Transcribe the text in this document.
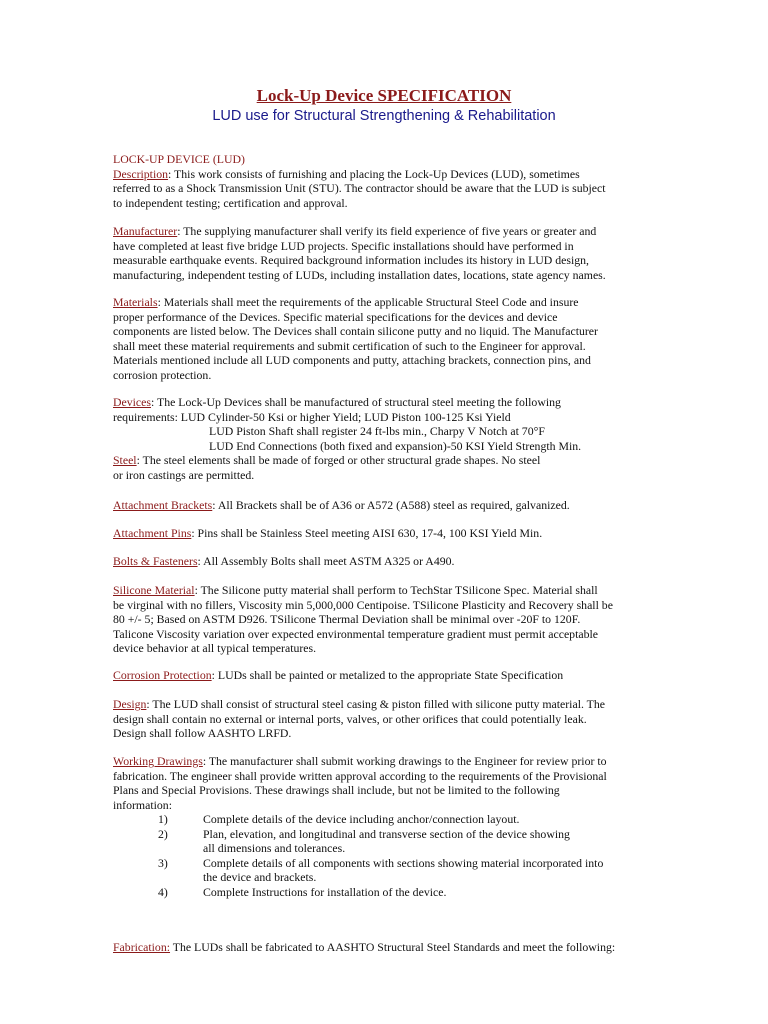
Lock-Up Device SPECIFICATION
LUD use for Structural Strengthening & Rehabilitation
LOCK-UP DEVICE (LUD)
Description: This work consists of furnishing and placing the Lock-Up Devices (LUD), sometimes
referred to as a Shock Transmission Unit (STU). The contractor should be aware that the LUD is subject
to independent testing; certification and approval.
Manufacturer: The supplying manufacturer shall verify its field experience of five years or greater and
have completed at least five bridge LUD projects. Specific installations should have performed in
measurable earthquake events. Required background information includes its history in LUD design,
manufacturing, independent testing of LUDs, including installation dates, locations, state agency names.
Materials: Materials shall meet the requirements of the applicable Structural Steel Code and insure
proper performance of the Devices. Specific material specifications for the devices and device
components are listed below. The Devices shall contain silicone putty and no liquid. The Manufacturer
shall meet these material requirements and submit certification of such to the Engineer for approval.
Materials mentioned include all LUD components and putty, attaching brackets, connection pins, and
corrosion protection.
Devices: The Lock-Up Devices shall be manufactured of structural steel meeting the following
requirements: LUD Cylinder-50 Ksi or higher Yield; LUD Piston 100-125 Ksi Yield
LUD Piston Shaft shall register 24 ft-lbs min., Charpy V Notch at 70°F
LUD End Connections (both fixed and expansion)-50 KSI Yield Strength Min.
Steel: The steel elements shall be made of forged or other structural grade shapes. No steel
or iron castings are permitted.
Attachment Brackets: All Brackets shall be of A36 or A572 (A588) steel as required, galvanized.
Attachment Pins: Pins shall be Stainless Steel meeting AISI 630, 17-4, 100 KSI Yield Min.
Bolts & Fasteners: All Assembly Bolts shall meet ASTM A325 or A490.
Silicone Material: The Silicone putty material shall perform to TechStar TSilicone Spec. Material shall
be virginal with no fillers, Viscosity min 5,000,000 Centipoise. TSilicone Plasticity and Recovery shall be
80 +/- 5; Based on ASTM D926. TSilicone Thermal Deviation shall be minimal over -20F to 120F.
Talicone Viscosity variation over expected environmental temperature gradient must permit acceptable
device behavior at all typical temperatures.
Corrosion Protection: LUDs shall be painted or metalized to the appropriate State Specification
Design: The LUD shall consist of structural steel casing & piston filled with silicone putty material. The
design shall contain no external or internal ports, valves, or other orifices that could potentially leak.
Design shall follow AASHTO LRFD.
Working Drawings: The manufacturer shall submit working drawings to the Engineer for review prior to
fabrication. The engineer shall provide written approval according to the requirements of the Provisional
Plans and Special Provisions. These drawings shall include, but not be limited to the following
information:
1)	Complete details of the device including anchor/connection layout.
2)	Plan, elevation, and longitudinal and transverse section of the device showing
all dimensions and tolerances.
3)	Complete details of all components with sections showing material incorporated into
the device and brackets.
4)	Complete Instructions for installation of the device.
Fabrication: The LUDs shall be fabricated to AASHTO Structural Steel Standards and meet the following:
